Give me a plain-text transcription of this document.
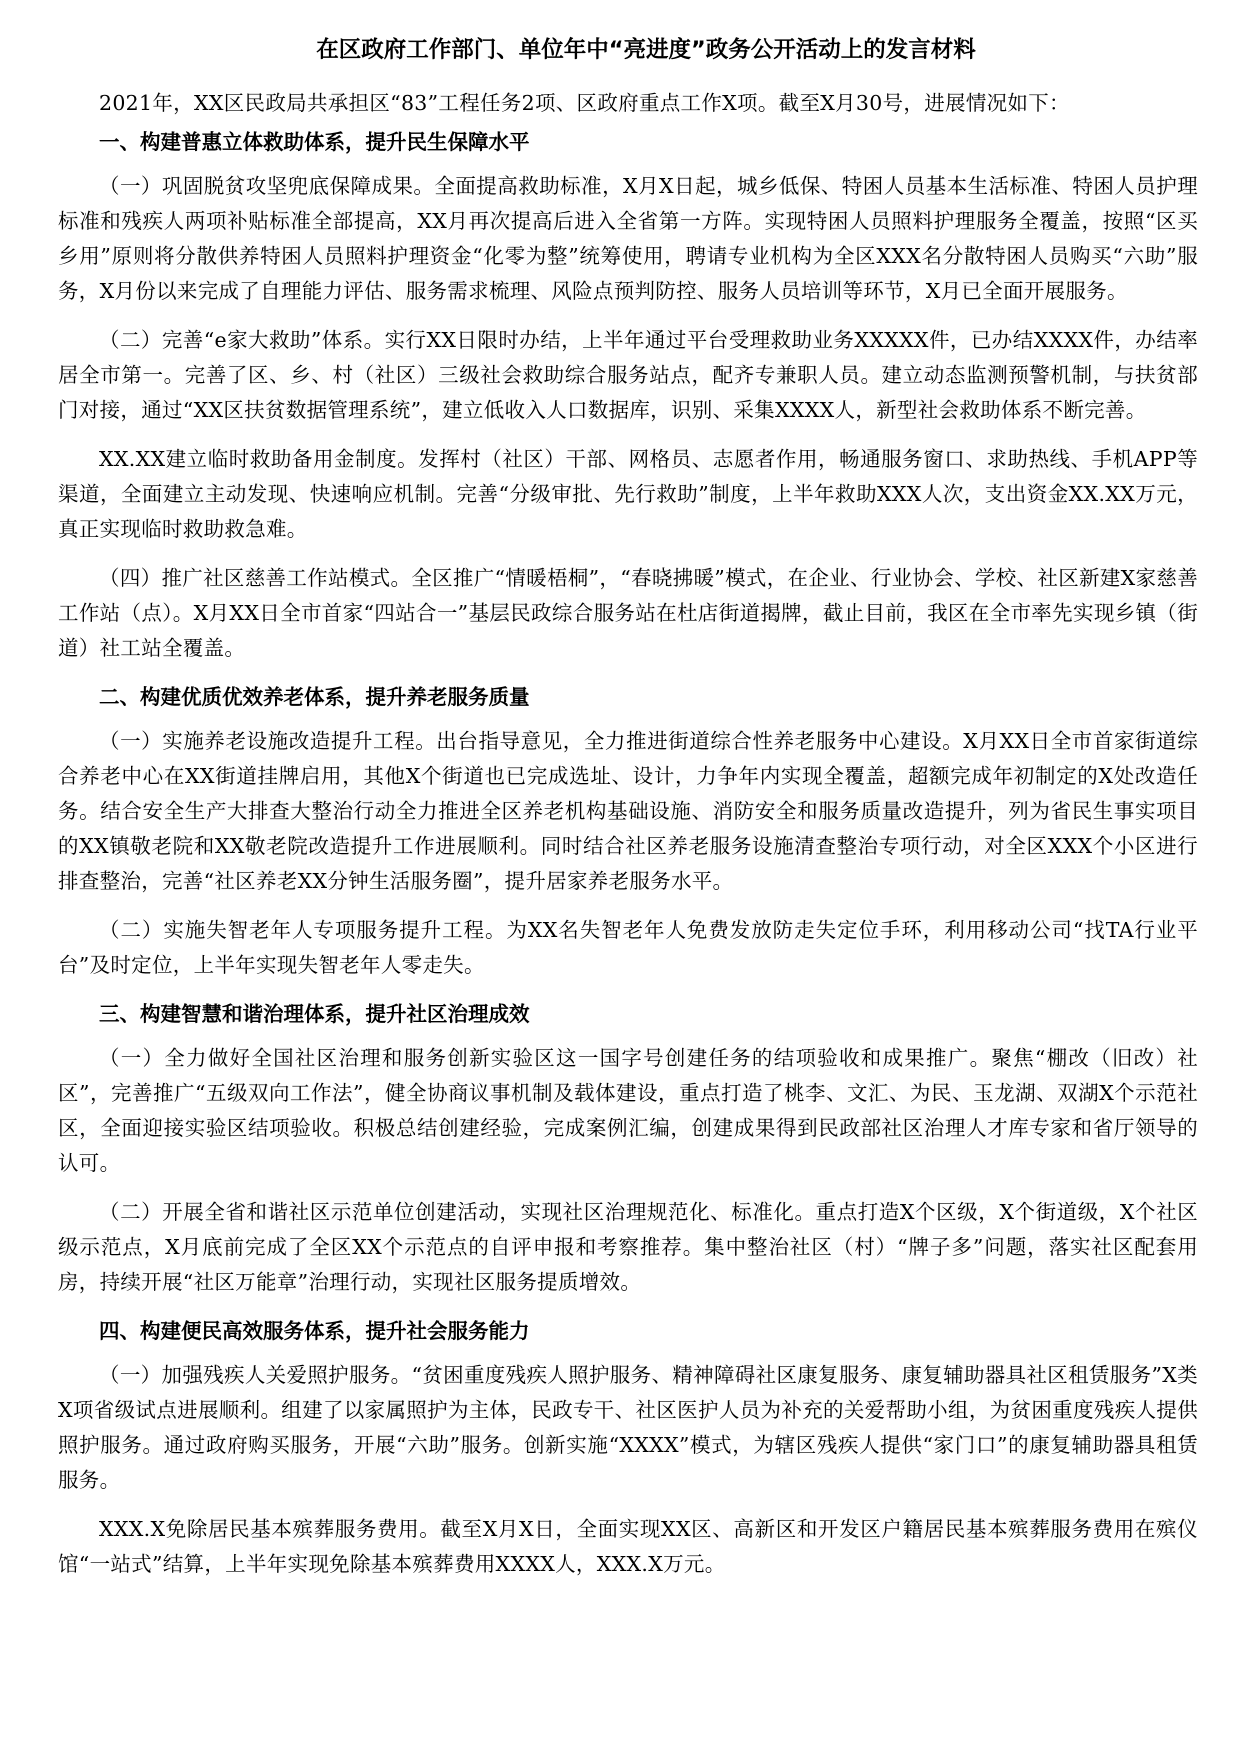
在区政府工作部门、单位年中“亮进度”政务公开活动上的发言材料

2021年，XX区民政局共承担区“83”工程任务2项、区政府重点工作X项。截至X月30号，进展情况如下：

一、构建普惠立体救助体系，提升民生保障水平

（一）巩固脱贫攻坚兜底保障成果。全面提高救助标准，X月X日起，城乡低保、特困人员基本生活标准、特困人员护理标准和残疾人两项补贴标准全部提高，XX月再次提高后进入全省第一方阵。实现特困人员照料护理服务全覆盖，按照“区买乡用”原则将分散供养特困人员照料护理资金“化零为整”统筹使用，聘请专业机构为全区XXX名分散特困人员购买“六助”服务，X月份以来完成了自理能力评估、服务需求梳理、风险点预判防控、服务人员培训等环节，X月已全面开展服务。

（二）完善“e家大救助”体系。实行XX日限时办结，上半年通过平台受理救助业务XXXXX件，已办结XXXX件，办结率居全市第一。完善了区、乡、村（社区）三级社会救助综合服务站点，配齐专兼职人员。建立动态监测预警机制，与扶贫部门对接，通过“XX区扶贫数据管理系统”，建立低收入人口数据库，识别、采集XXXX人，新型社会救助体系不断完善。

XX.XX建立临时救助备用金制度。发挥村（社区）干部、网格员、志愿者作用，畅通服务窗口、求助热线、手机APP等渠道，全面建立主动发现、快速响应机制。完善“分级审批、先行救助”制度，上半年救助XXX人次，支出资金XX.XX万元，真正实现临时救助救急难。

（四）推广社区慈善工作站模式。全区推广“情暖梧桐”，“春晓拂暖”模式，在企业、行业协会、学校、社区新建X家慈善工作站（点）。X月XX日全市首家“四站合一”基层民政综合服务站在杜店街道揭牌，截止目前，我区在全市率先实现乡镇（街道）社工站全覆盖。

二、构建优质优效养老体系，提升养老服务质量

（一）实施养老设施改造提升工程。出台指导意见，全力推进街道综合性养老服务中心建设。X月XX日全市首家街道综合养老中心在XX街道挂牌启用，其他X个街道也已完成选址、设计，力争年内实现全覆盖，超额完成年初制定的X处改造任务。结合安全生产大排查大整治行动全力推进全区养老机构基础设施、消防安全和服务质量改造提升，列为省民生事实项目的XX镇敬老院和XX敬老院改造提升工作进展顺利。同时结合社区养老服务设施清查整治专项行动，对全区XXX个小区进行排查整治，完善“社区养老XX分钟生活服务圈”，提升居家养老服务水平。

（二）实施失智老年人专项服务提升工程。为XX名失智老年人免费发放防走失定位手环，利用移动公司“找TA行业平台”及时定位，上半年实现失智老年人零走失。

三、构建智慧和谐治理体系，提升社区治理成效

（一）全力做好全国社区治理和服务创新实验区这一国字号创建任务的结项验收和成果推广。聚焦“棚改（旧改）社区”，完善推广“五级双向工作法”，健全协商议事机制及载体建设，重点打造了桃李、文汇、为民、玉龙湖、双湖X个示范社区，全面迎接实验区结项验收。积极总结创建经验，完成案例汇编，创建成果得到民政部社区治理人才库专家和省厅领导的认可。

（二）开展全省和谐社区示范单位创建活动，实现社区治理规范化、标准化。重点打造X个区级，X个街道级，X个社区级示范点，X月底前完成了全区XX个示范点的自评申报和考察推荐。集中整治社区（村）“牌子多”问题，落实社区配套用房，持续开展“社区万能章”治理行动，实现社区服务提质增效。

四、构建便民高效服务体系，提升社会服务能力

（一）加强残疾人关爱照护服务。“贫困重度残疾人照护服务、精神障碍社区康复服务、康复辅助器具社区租赁服务”X类X项省级试点进展顺利。组建了以家属照护为主体，民政专干、社区医护人员为补充的关爱帮助小组，为贫困重度残疾人提供照护服务。通过政府购买服务，开展“六助”服务。创新实施“XXXX”模式，为辖区残疾人提供“家门口”的康复辅助器具租赁服务。

XXX.X免除居民基本殡葬服务费用。截至X月X日，全面实现XX区、高新区和开发区户籍居民基本殡葬服务费用在殡仪馆“一站式”结算，上半年实现免除基本殡葬费用XXXX人，XXX.X万元。
